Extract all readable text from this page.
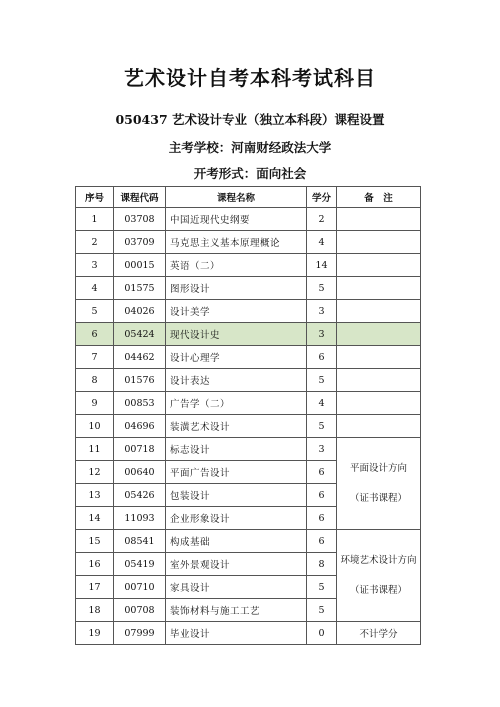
艺术设计自考本科考试科目
050437 艺术设计专业（独立本科段）课程设置
主考学校：河南财经政法大学
开考形式：面向社会
序号	课程代码	课程名称	学分	备　注
1	03708	中国近现代史纲要	2	
2	03709	马克思主义基本原理概论	4	
3	00015	英语（二）	14	
4	01575	图形设计	5	
5	04026	设计美学	3	
6	05424	现代设计史	3	
7	04462	设计心理学	6	
8	01576	设计表达	5	
9	00853	广告学（二）	4	
10	04696	装潢艺术设计	5	
11	00718	标志设计	3	平面设计方向
（证书课程）

12	00640	平面广告设计	6	
13	05426	包装设计	6	
14	11093	企业形象设计	6	
15	08541	构成基础	6	环境艺术设计方向
（证书课程）

16	05419	室外景观设计	8	
17	00710	家具设计	5	
18	00708	装饰材料与施工工艺	5	
19	07999	毕业设计	0	不计学分
